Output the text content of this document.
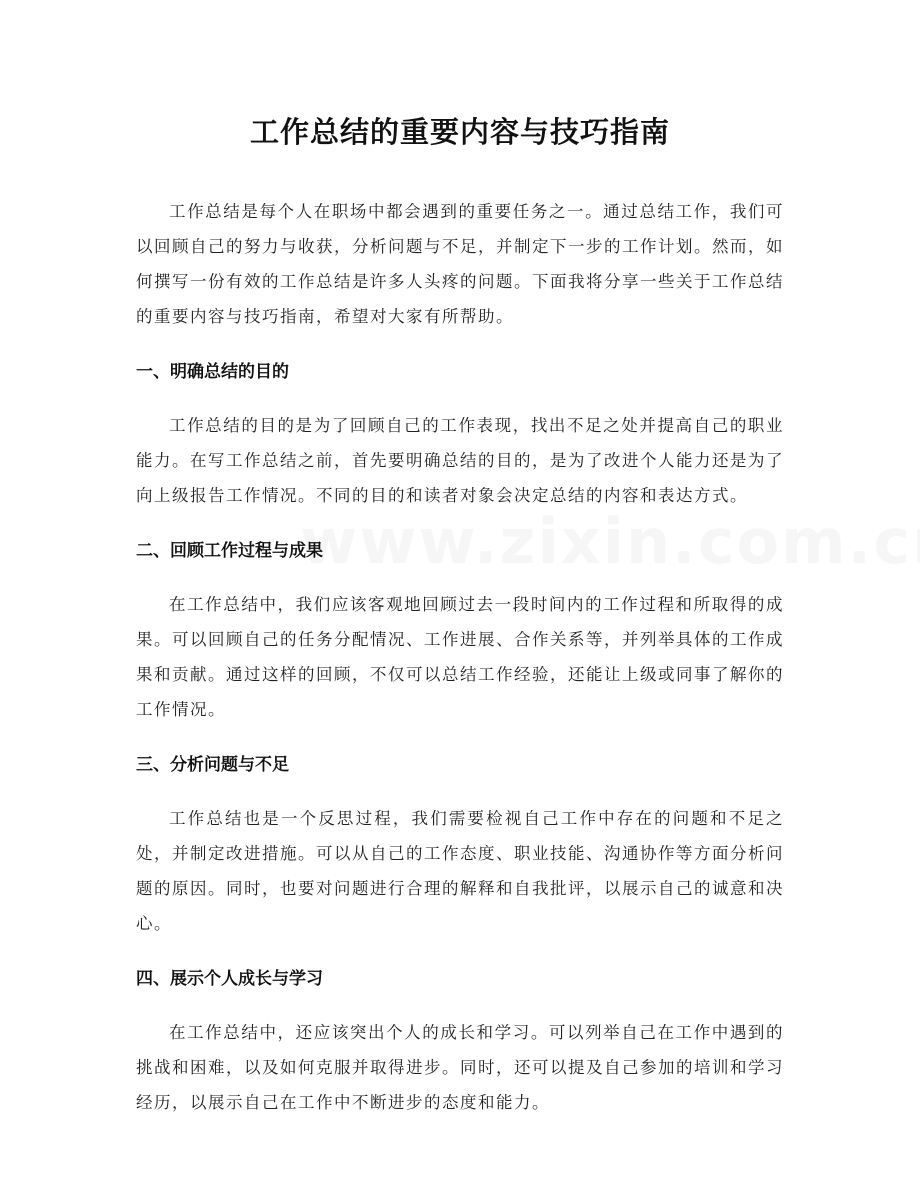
工作总结的重要内容与技巧指南

工作总结是每个人在职场中都会遇到的重要任务之一。通过总结工作，我们可以回顾自己的努力与收获，分析问题与不足，并制定下一步的工作计划。然而，如何撰写一份有效的工作总结是许多人头疼的问题。下面我将分享一些关于工作总结的重要内容与技巧指南，希望对大家有所帮助。

一、明确总结的目的

工作总结的目的是为了回顾自己的工作表现，找出不足之处并提高自己的职业能力。在写工作总结之前，首先要明确总结的目的，是为了改进个人能力还是为了向上级报告工作情况。不同的目的和读者对象会决定总结的内容和表达方式。

二、回顾工作过程与成果

在工作总结中，我们应该客观地回顾过去一段时间内的工作过程和所取得的成果。可以回顾自己的任务分配情况、工作进展、合作关系等，并列举具体的工作成果和贡献。通过这样的回顾，不仅可以总结工作经验，还能让上级或同事了解你的工作情况。

三、分析问题与不足

工作总结也是一个反思过程，我们需要检视自己工作中存在的问题和不足之处，并制定改进措施。可以从自己的工作态度、职业技能、沟通协作等方面分析问题的原因。同时，也要对问题进行合理的解释和自我批评，以展示自己的诚意和决心。

四、展示个人成长与学习

在工作总结中，还应该突出个人的成长和学习。可以列举自己在工作中遇到的挑战和困难，以及如何克服并取得进步。同时，还可以提及自己参加的培训和学习经历，以展示自己在工作中不断进步的态度和能力。
